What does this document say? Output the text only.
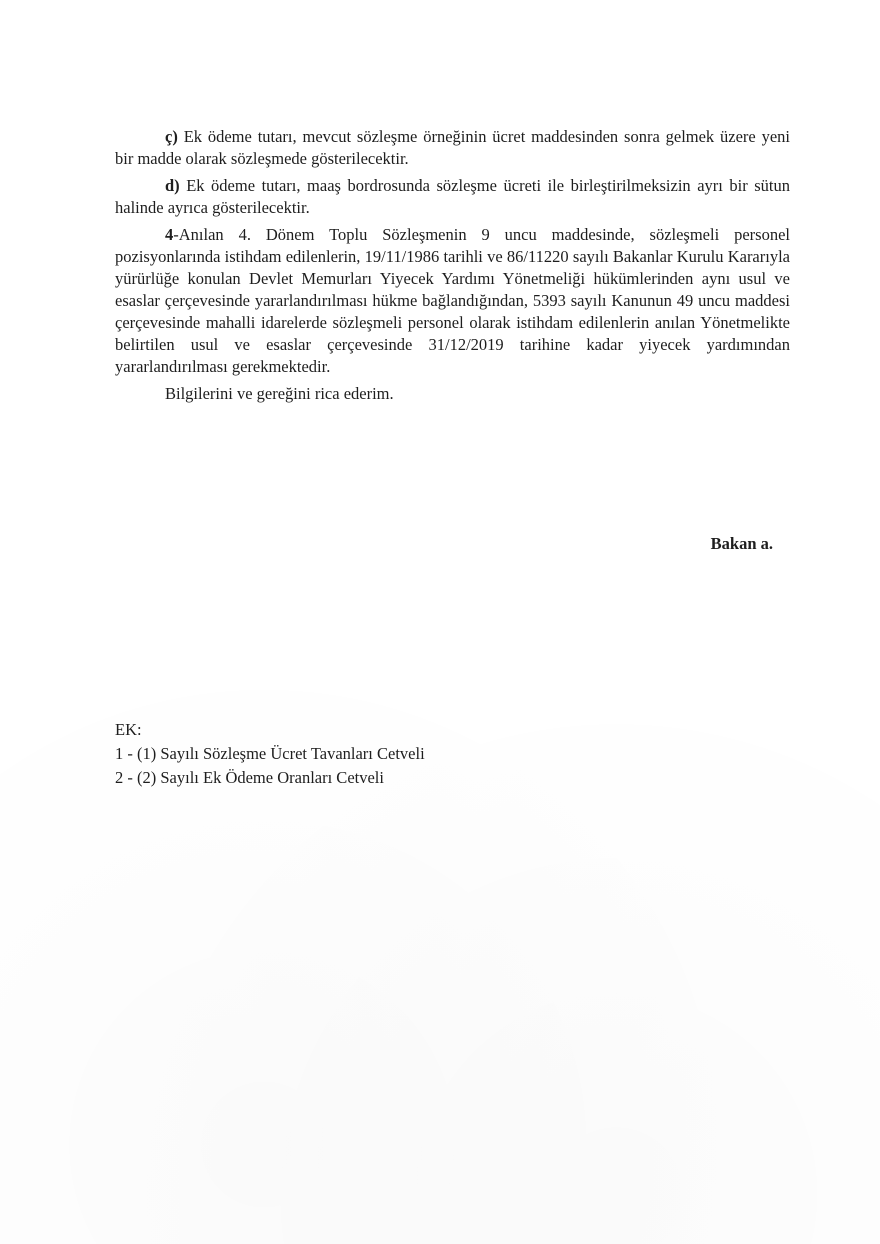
ç) Ek ödeme tutarı, mevcut sözleşme örneğinin ücret maddesinden sonra gelmek üzere yeni bir madde olarak sözleşmede gösterilecektir.

d) Ek ödeme tutarı, maaş bordrosunda sözleşme ücreti ile birleştirilmeksizin ayrı bir sütun halinde ayrıca gösterilecektir.

4-Anılan 4. Dönem Toplu Sözleşmenin 9 uncu maddesinde, sözleşmeli personel pozisyonlarında istihdam edilenlerin, 19/11/1986 tarihli ve 86/11220 sayılı Bakanlar Kurulu Kararıyla yürürlüğe konulan Devlet Memurları Yiyecek Yardımı Yönetmeliği hükümlerinden aynı usul ve esaslar çerçevesinde yararlandırılması hükme bağlandığından, 5393 sayılı Kanunun 49 uncu maddesi çerçevesinde mahalli idarelerde sözleşmeli personel olarak istihdam edilenlerin anılan Yönetmelikte belirtilen usul ve esaslar çerçevesinde 31/12/2019 tarihine kadar yiyecek yardımından yararlandırılması gerekmektedir.

Bilgilerini ve gereğini rica ederim.

Bakan a.

EK:
1 - (1) Sayılı Sözleşme Ücret Tavanları Cetveli
2 - (2) Sayılı Ek Ödeme Oranları Cetveli
